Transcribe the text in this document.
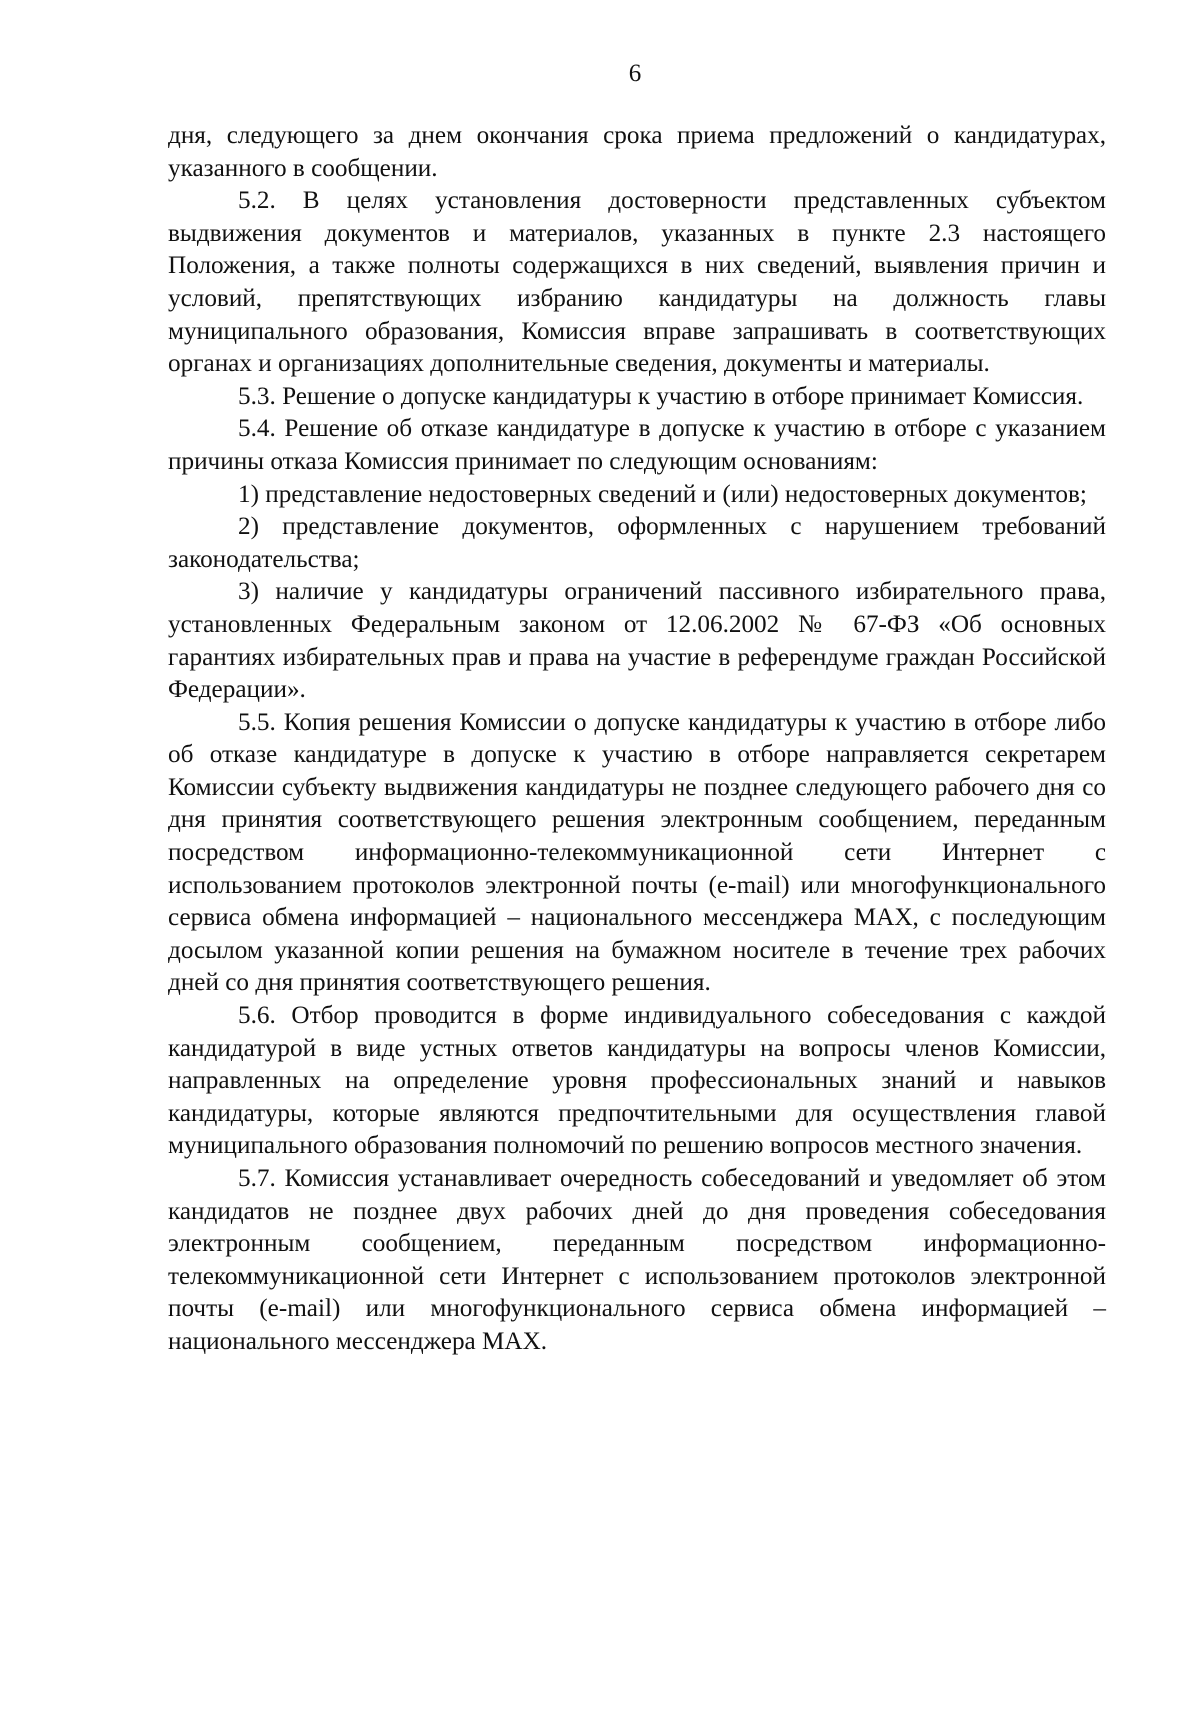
6

дня, следующего за днем окончания срока приема предложений о кандидатурах, указанного в сообщении.

5.2. В целях установления достоверности представленных субъектом выдвижения документов и материалов, указанных в пункте 2.3 настоящего Положения, а также полноты содержащихся в них сведений, выявления причин и условий, препятствующих избранию кандидатуры на должность главы муниципального образования, Комиссия вправе запрашивать в соответствующих органах и организациях дополнительные сведения, документы и материалы.

5.3. Решение о допуске кандидатуры к участию в отборе принимает Комиссия.

5.4. Решение об отказе кандидатуре в допуске к участию в отборе с указанием причины отказа Комиссия принимает по следующим основаниям:

1) представление недостоверных сведений и (или) недостоверных документов;

2) представление документов, оформленных с нарушением требований законодательства;

3) наличие у кандидатуры ограничений пассивного избирательного права, установленных Федеральным законом от 12.06.2002 № 67-ФЗ «Об основных гарантиях избирательных прав и права на участие в референдуме граждан Российской Федерации».

5.5. Копия решения Комиссии о допуске кандидатуры к участию в отборе либо об отказе кандидатуре в допуске к участию в отборе направляется секретарем Комиссии субъекту выдвижения кандидатуры не позднее следующего рабочего дня со дня принятия соответствующего решения электронным сообщением, переданным посредством информационно-телекоммуникационной сети Интернет с использованием протоколов электронной почты (e-mail) или многофункционального сервиса обмена информацией – национального мессенджера MAX, с последующим досылом указанной копии решения на бумажном носителе в течение трех рабочих дней со дня принятия соответствующего решения.

5.6. Отбор проводится в форме индивидуального собеседования с каждой кандидатурой в виде устных ответов кандидатуры на вопросы членов Комиссии, направленных на определение уровня профессиональных знаний и навыков кандидатуры, которые являются предпочтительными для осуществления главой муниципального образования полномочий по решению вопросов местного значения.

5.7. Комиссия устанавливает очередность собеседований и уведомляет об этом кандидатов не позднее двух рабочих дней до дня проведения собеседования электронным сообщением, переданным посредством информационно-телекоммуникационной сети Интернет с использованием протоколов электронной почты (e-mail) или многофункционального сервиса обмена информацией – национального мессенджера MAX.
